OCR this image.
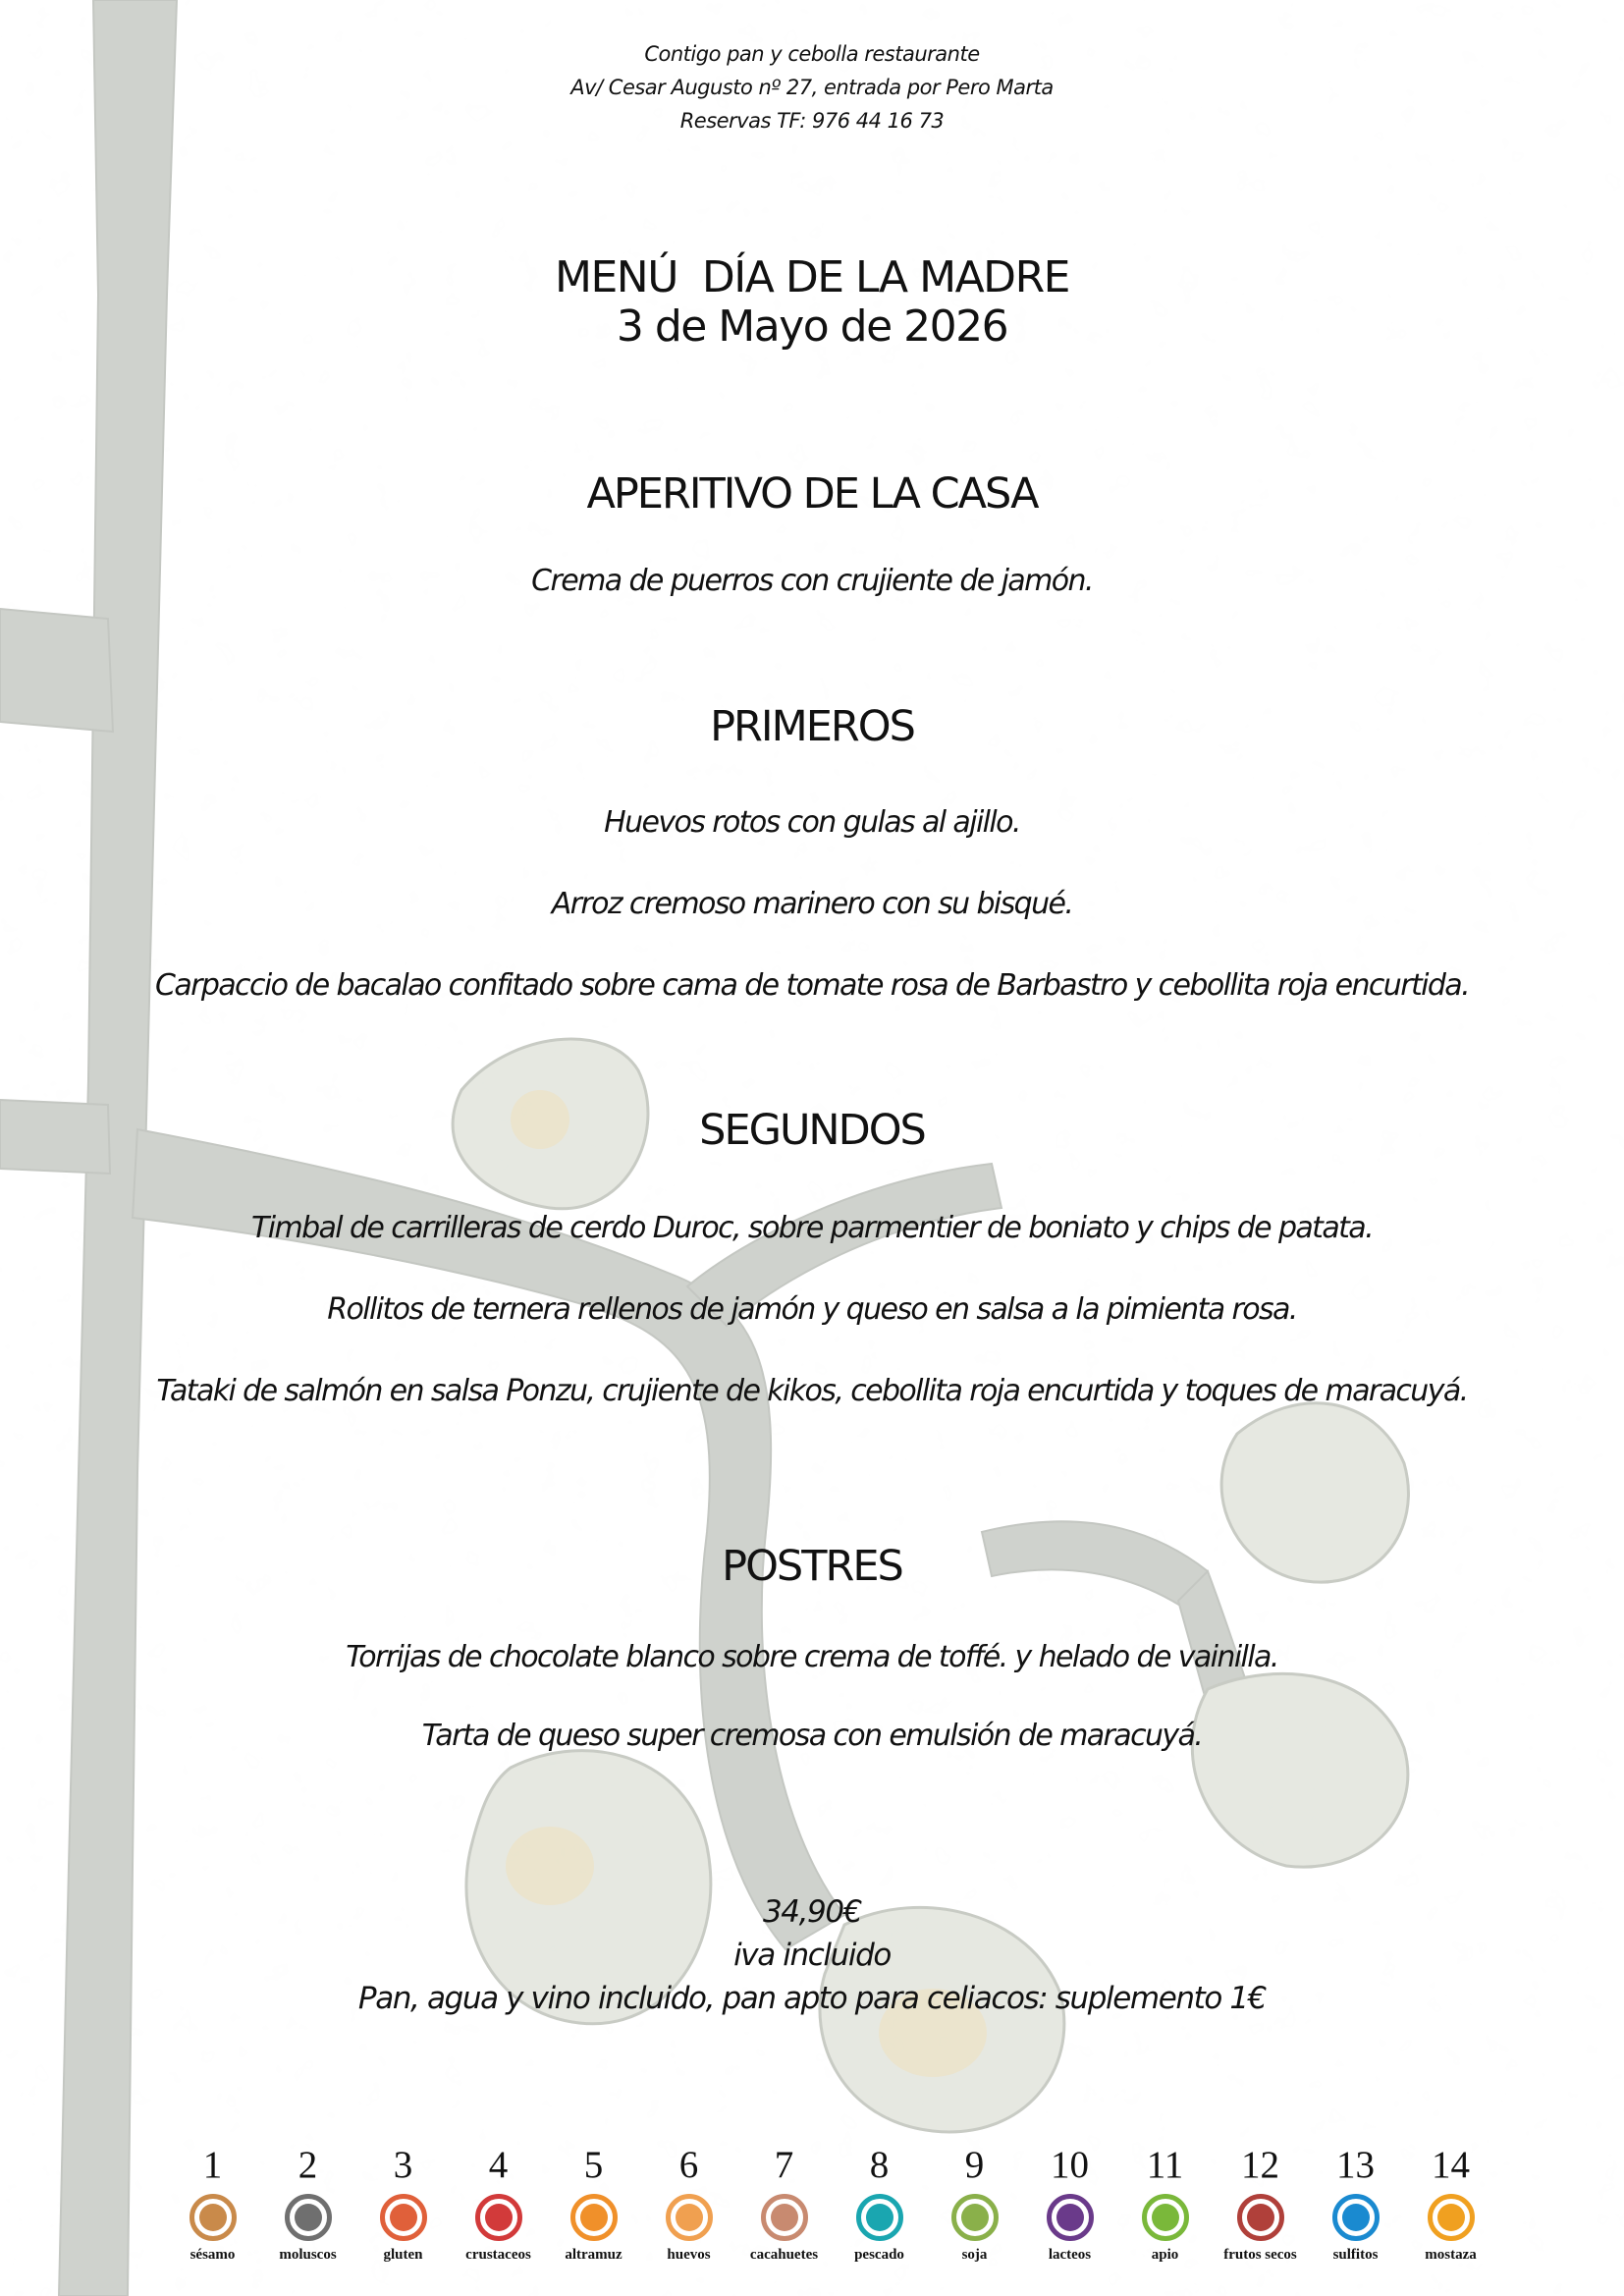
Contigo pan y cebolla restaurante
Av/ Cesar Augusto nº 27, entrada por Pero Marta
Reservas TF: 976 44 16 73
MENÚ  DÍA DE LA MADRE
3 de Mayo de 2026
APERITIVO DE LA CASA
Crema de puerros con crujiente de jamón.
PRIMEROS
Huevos rotos con gulas al ajillo.
Arroz cremoso marinero con su bisqué.
Carpaccio de bacalao confitado sobre cama de tomate rosa de Barbastro y cebollita roja encurtida.
SEGUNDOS
Timbal de carrilleras de cerdo Duroc, sobre parmentier de boniato y chips de patata.
Rollitos de ternera rellenos de jamón y queso en salsa a la pimienta rosa.
Tataki de salmón en salsa Ponzu, crujiente de kikos, cebollita roja encurtida y toques de maracuyá.
POSTRES
Torrijas de chocolate blanco sobre crema de toffé. y helado de vainilla.
Tarta de queso super cremosa con emulsión de maracuyá.
34,90€
iva incluido
Pan, agua y vino incluido, pan apto para celiacos: suplemento 1€
1
sésamo
2
moluscos
3
gluten
4
crustaceos
5
altramuz
6
huevos
7
cacahuetes
8
pescado
9
soja
10
lacteos
11
apio
12
frutos secos
13
sulfitos
14
mostaza
